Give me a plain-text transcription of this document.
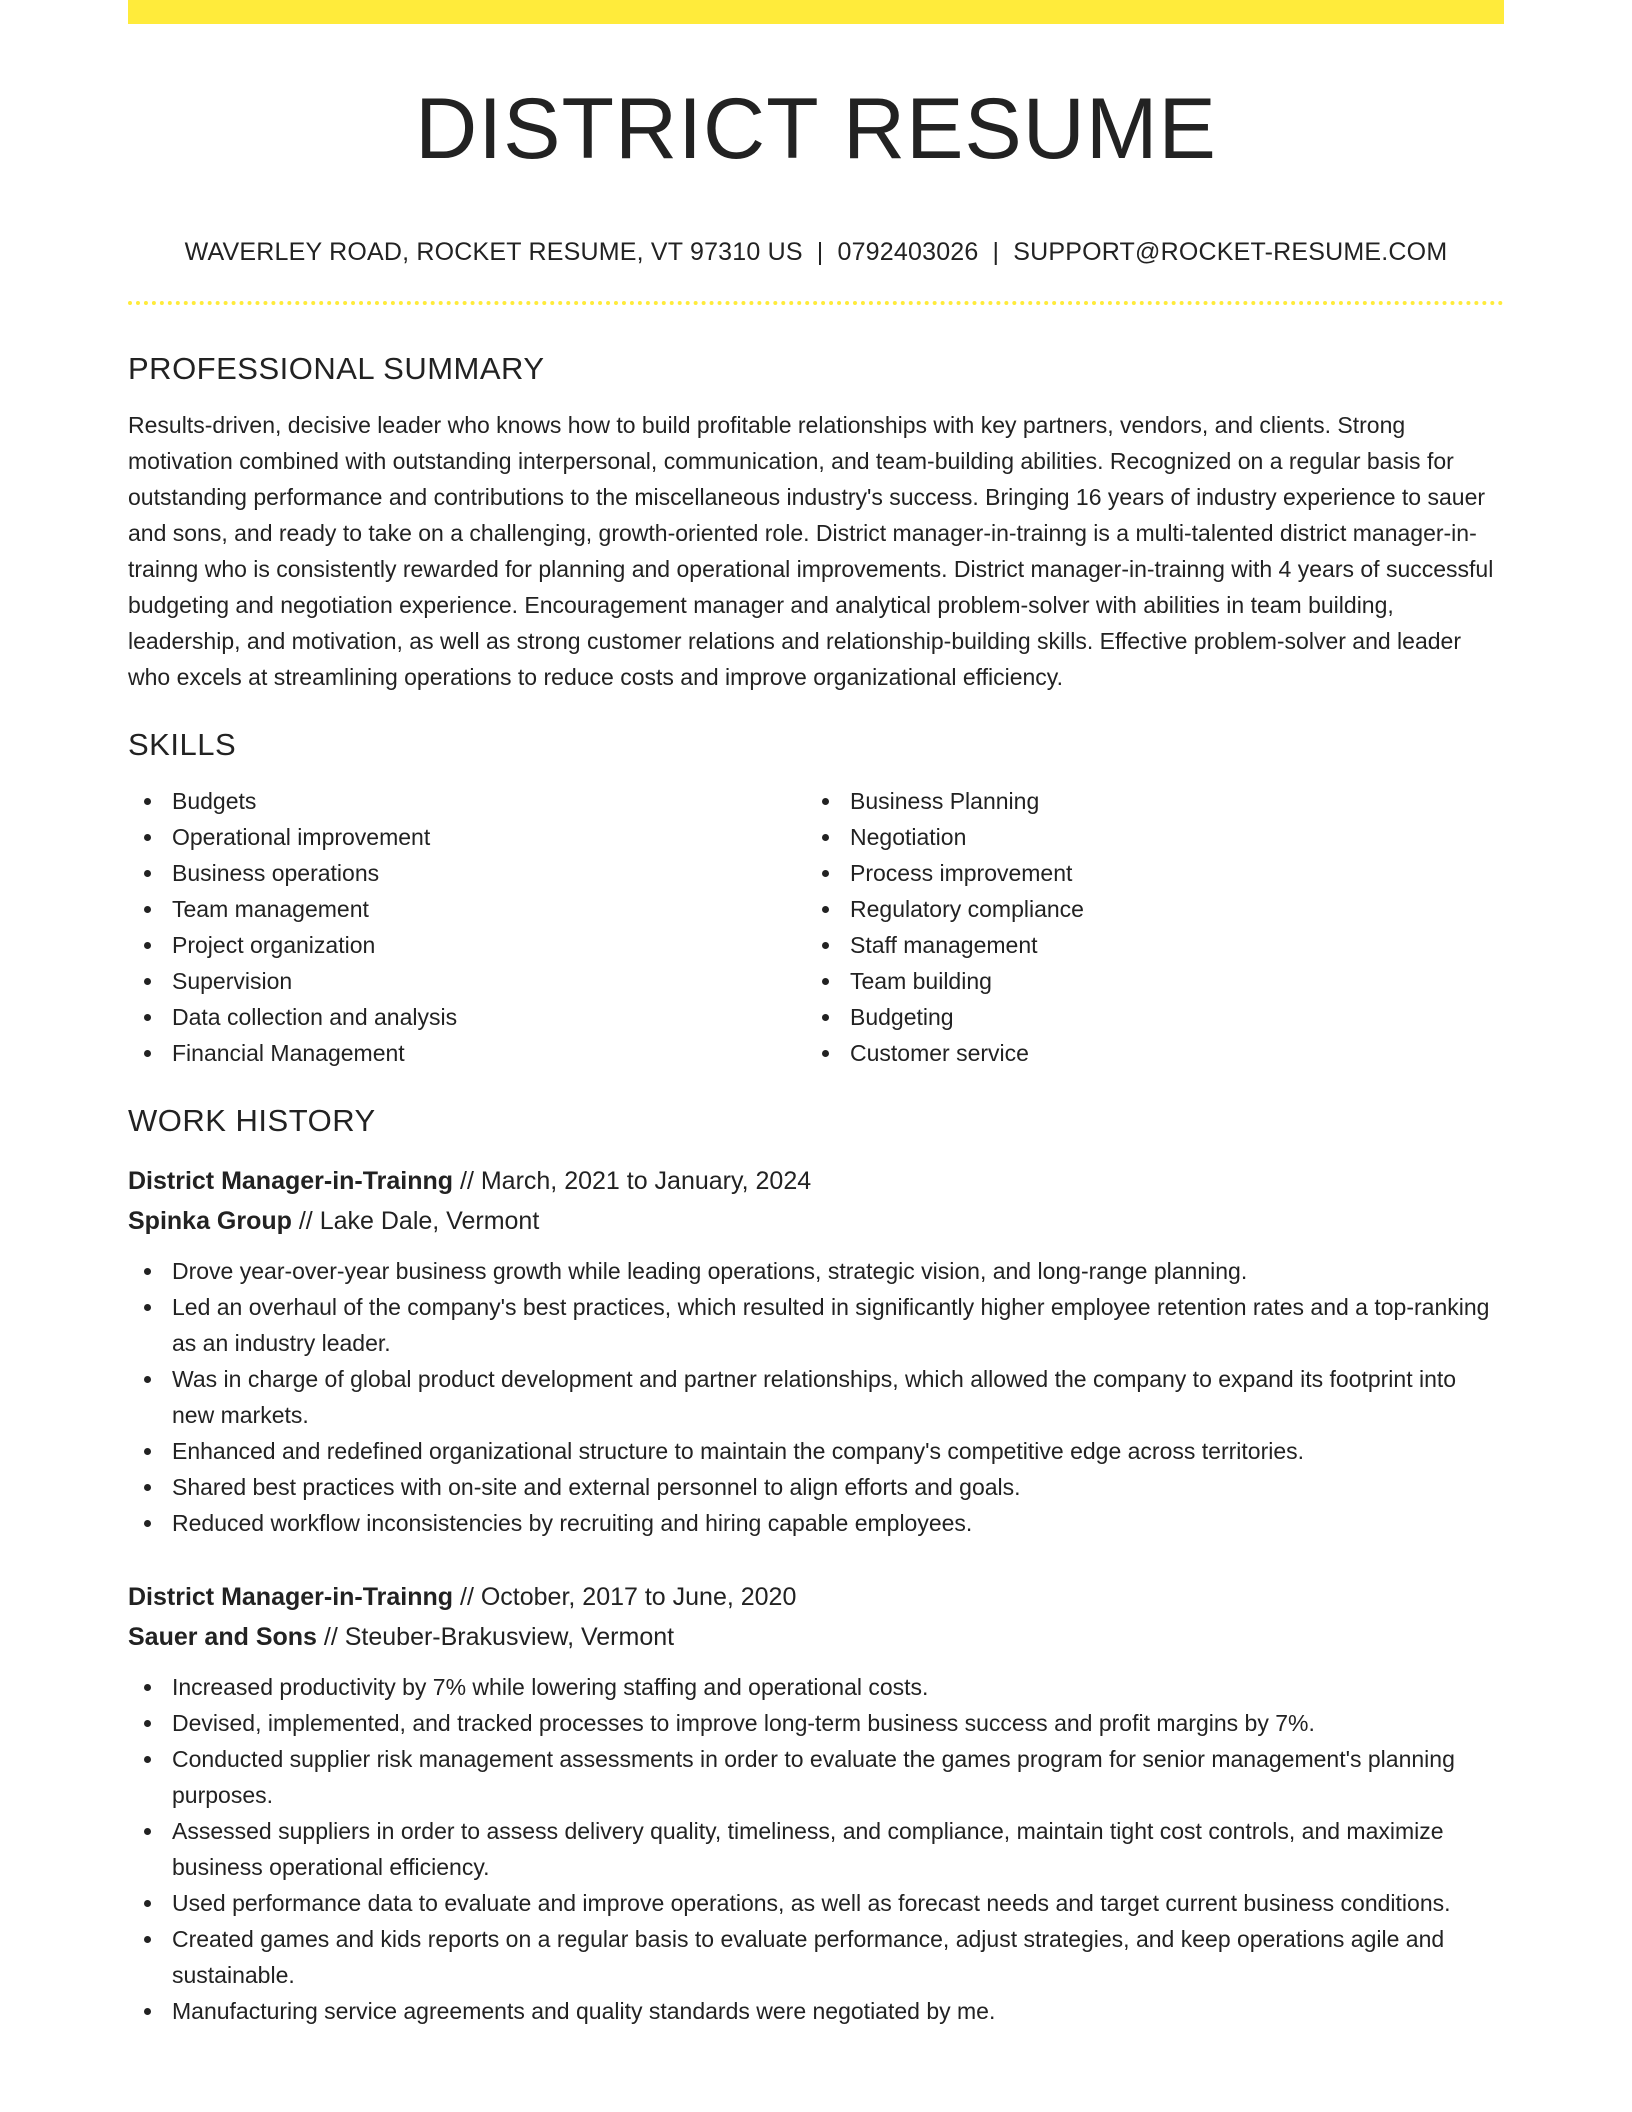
DISTRICT RESUME
WAVERLEY ROAD, ROCKET RESUME, VT 97310 US | 0792403026 | SUPPORT@ROCKET-RESUME.COM
PROFESSIONAL SUMMARY

Results-driven, decisive leader who knows how to build profitable relationships with key partners, vendors, and clients. Strong motivation combined with outstanding interpersonal, communication, and team-building abilities. Recognized on a regular basis for outstanding performance and contributions to the miscellaneous industry's success. Bringing 16 years of industry experience to sauer and sons, and ready to take on a challenging, growth-oriented role. District manager-in-trainng is a multi-talented district manager-in-trainng who is consistently rewarded for planning and operational improvements. District manager-in-trainng with 4 years of successful budgeting and negotiation experience. Encouragement manager and analytical problem-solver with abilities in team building, leadership, and motivation, as well as strong customer relations and relationship-building skills. Effective problem-solver and leader who excels at streamlining operations to reduce costs and improve organizational efficiency.

SKILLS
Budgets
Operational improvement
Business operations
Team management
Project organization
Supervision
Data collection and analysis
Financial Management
Business Planning
Negotiation
Process improvement
Regulatory compliance
Staff management
Team building
Budgeting
Customer service
WORK HISTORY
District Manager-in-Trainng // March, 2021 to January, 2024
Spinka Group // Lake Dale, Vermont
Drove year-over-year business growth while leading operations, strategic vision, and long-range planning.
Led an overhaul of the company's best practices, which resulted in significantly higher employee retention rates and a top-ranking as an industry leader.
Was in charge of global product development and partner relationships, which allowed the company to expand its footprint into new markets.
Enhanced and redefined organizational structure to maintain the company's competitive edge across territories.
Shared best practices with on-site and external personnel to align efforts and goals.
Reduced workflow inconsistencies by recruiting and hiring capable employees.
District Manager-in-Trainng // October, 2017 to June, 2020
Sauer and Sons // Steuber-Brakusview, Vermont
Increased productivity by 7% while lowering staffing and operational costs.
Devised, implemented, and tracked processes to improve long-term business success and profit margins by 7%.
Conducted supplier risk management assessments in order to evaluate the games program for senior management's planning purposes.
Assessed suppliers in order to assess delivery quality, timeliness, and compliance, maintain tight cost controls, and maximize business operational efficiency.
Used performance data to evaluate and improve operations, as well as forecast needs and target current business conditions.
Created games and kids reports on a regular basis to evaluate performance, adjust strategies, and keep operations agile and sustainable.
Manufacturing service agreements and quality standards were negotiated by me.
